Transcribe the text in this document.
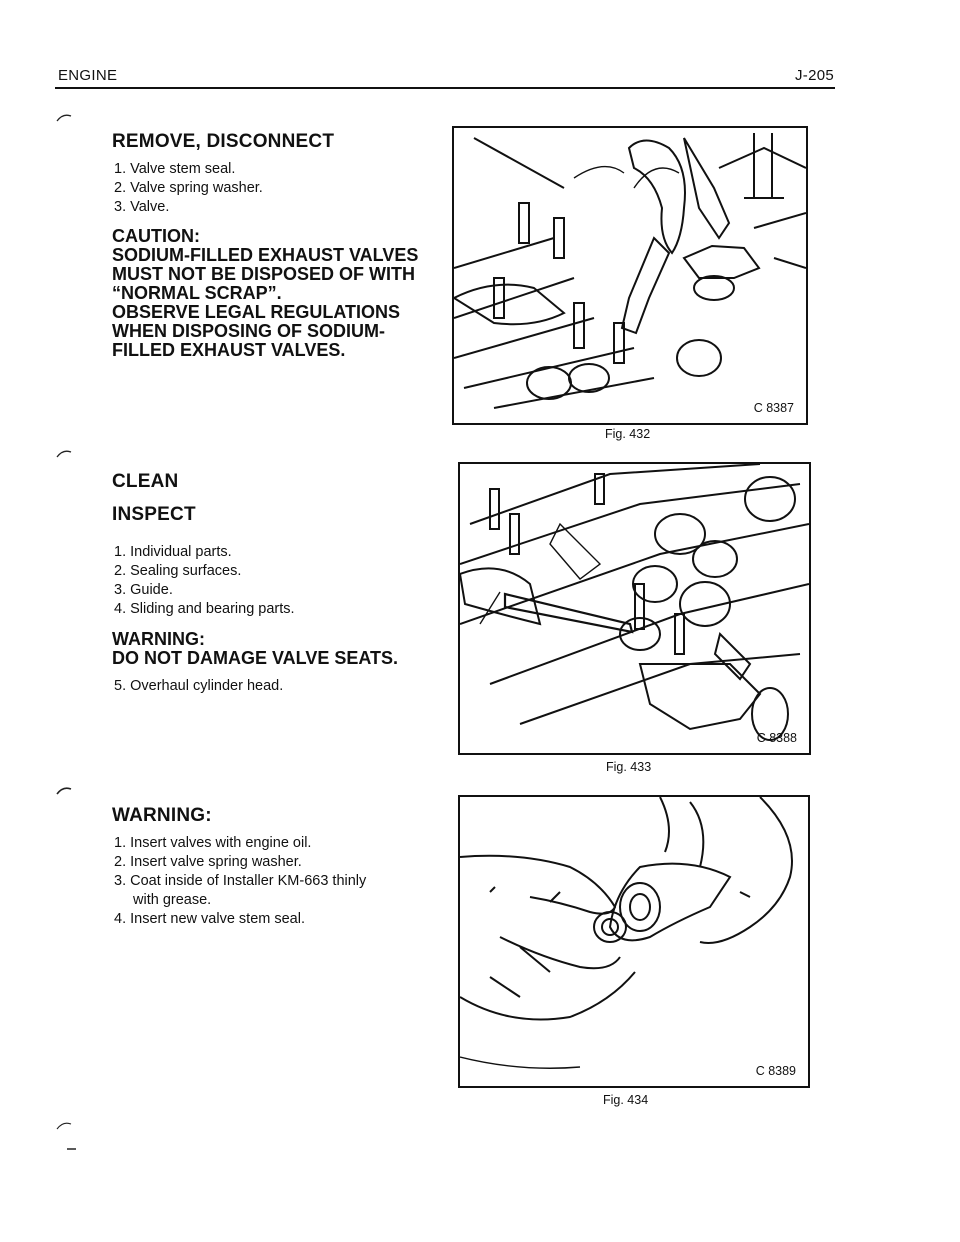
ENGINE	J-205
REMOVE, DISCONNECT
1. Valve stem seal.
2. Valve spring washer.
3. Valve.
CAUTION:
SODIUM-FILLED EXHAUST VALVES
MUST NOT BE DISPOSED OF WITH
“NORMAL SCRAP”.
OBSERVE LEGAL REGULATIONS
WHEN DISPOSING OF SODIUM-
FILLED EXHAUST VALVES.
CLEAN
INSPECT
1. Individual parts.
2. Sealing surfaces.
3. Guide.
4. Sliding and bearing parts.
WARNING:
DO NOT DAMAGE VALVE SEATS.
5. Overhaul cylinder head.
WARNING:
1. Insert valves with engine oil.
2. Insert valve spring washer.
3. Coat inside of Installer KM-663 thinly
with grease.
4. Insert new valve stem seal.
C 8387
Fig. 432
C 8388
Fig. 433
C 8389
Fig. 434
